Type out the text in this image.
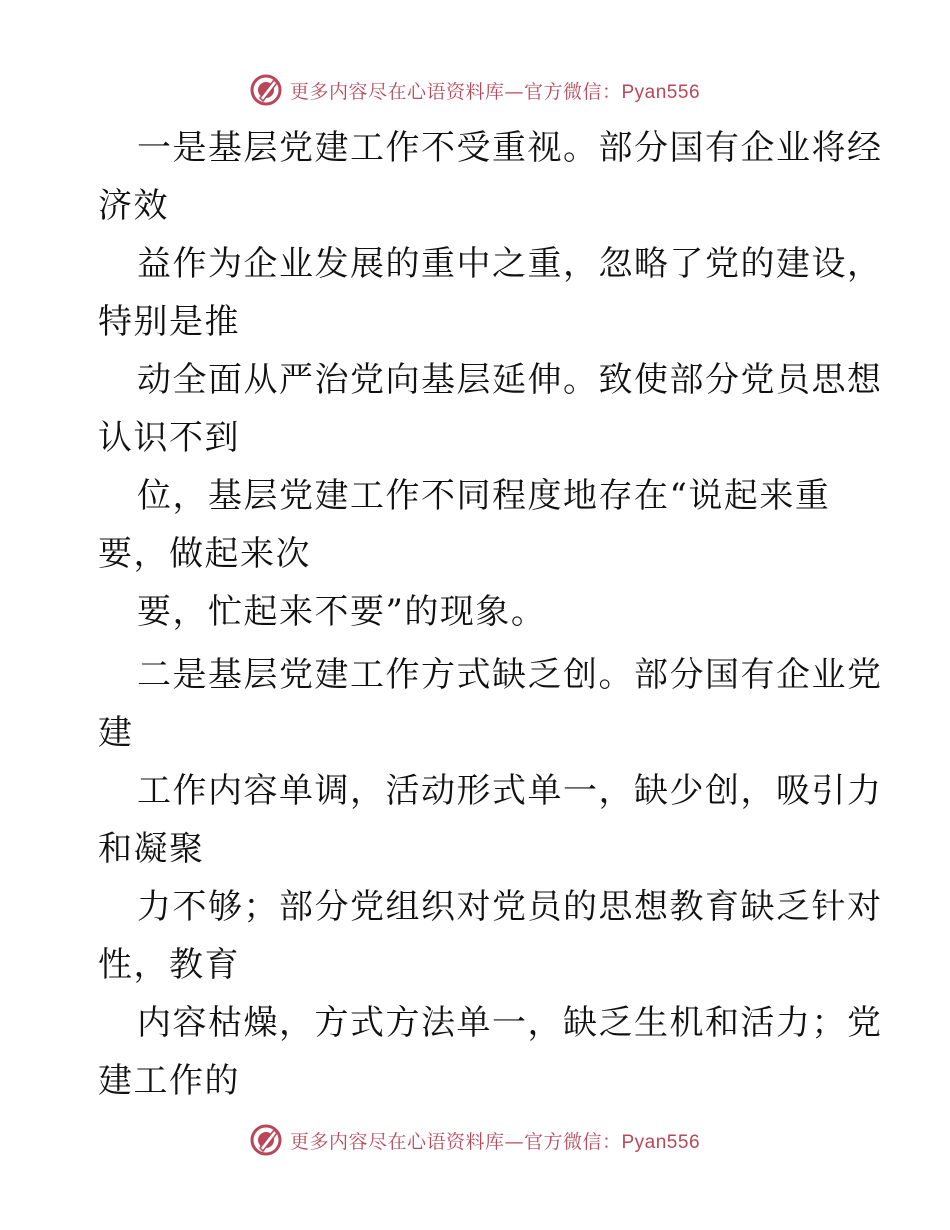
更多内容尽在心语资料库—官方微信：Pyan556
一是基层党建工作不受重视。部分国有企业将经
济效
益作为企业发展的重中之重，忽略了党的建设，
特别是推
动全面从严治党向基层延伸。致使部分党员思想
认识不到
位，基层党建工作不同程度地存在“说起来重
要，做起来次
要，忙起来不要”的现象。
二是基层党建工作方式缺乏创。部分国有企业党
建
工作内容单调，活动形式单一，缺少创，吸引力
和凝聚
力不够；部分党组织对党员的思想教育缺乏针对
性，教育
内容枯燥，方式方法单一，缺乏生机和活力；党
建工作的
更多内容尽在心语资料库—官方微信：Pyan556
